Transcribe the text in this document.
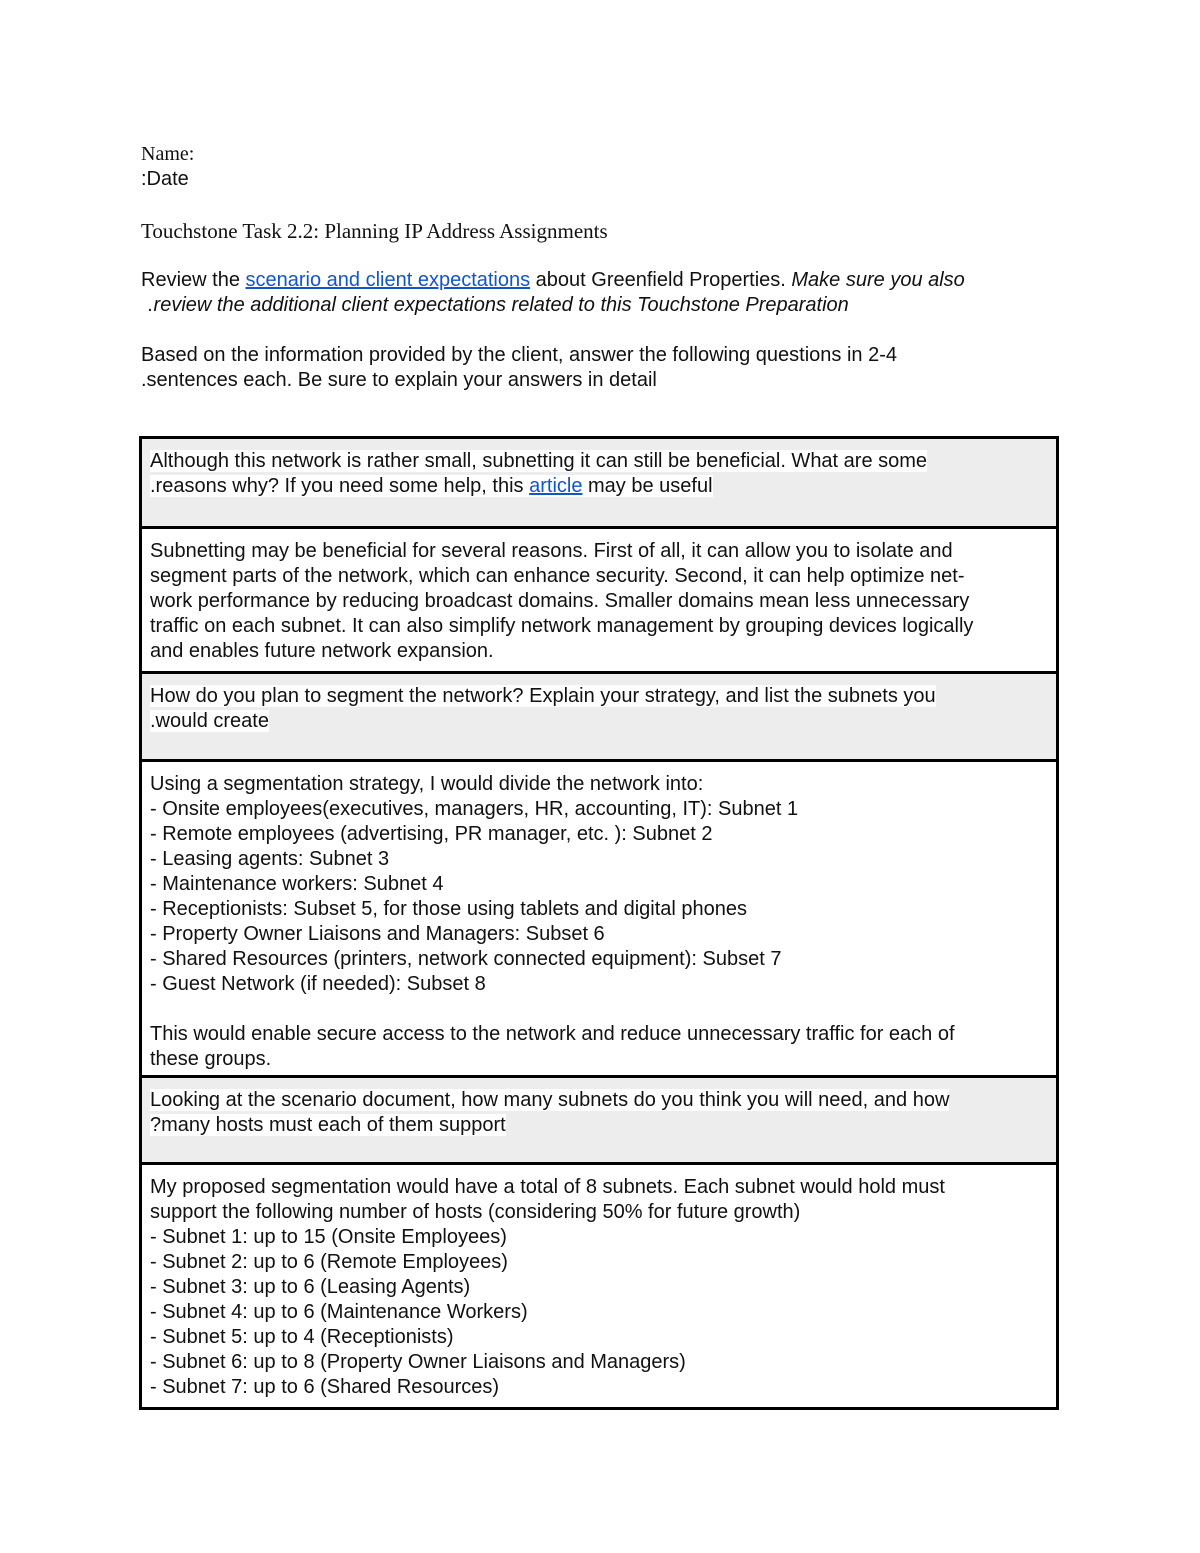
Name:
:Date
Touchstone Task 2.2: Planning IP Address Assignments
Review the scenario and client expectations about Greenfield Properties. Make sure you also
.review the additional client expectations related to this Touchstone Preparation
Based on the information provided by the client, answer the following questions in 2-4
.sentences each. Be sure to explain your answers in detail
Although this network is rather small, subnetting it can still be beneficial. What are some
.reasons why? If you need some help, this article may be useful
Subnetting may be beneficial for several reasons. First of all, it can allow you to isolate and
segment parts of the network, which can enhance security. Second, it can help optimize net-
work performance by reducing broadcast domains. Smaller domains mean less unnecessary
traffic on each subnet. It can also simplify network management by grouping devices logically
and enables future network expansion.
How do you plan to segment the network? Explain your strategy, and list the subnets you
.would create
Using a segmentation strategy, I would divide the network into:
- Onsite employees(executives, managers, HR, accounting, IT): Subnet 1
- Remote employees (advertising, PR manager, etc. ): Subnet 2
- Leasing agents: Subnet 3
- Maintenance workers: Subnet 4
- Receptionists: Subset 5, for those using tablets and digital phones
- Property Owner Liaisons and Managers: Subset 6
- Shared Resources (printers, network connected equipment): Subset 7
- Guest Network (if needed): Subset 8
This would enable secure access to the network and reduce unnecessary traffic for each of
these groups.
Looking at the scenario document, how many subnets do you think you will need, and how
?many hosts must each of them support
My proposed segmentation would have a total of 8 subnets. Each subnet would hold must
support the following number of hosts (considering 50% for future growth)
- Subnet 1: up to 15 (Onsite Employees)
- Subnet 2: up to 6 (Remote Employees)
- Subnet 3: up to 6 (Leasing Agents)
- Subnet 4: up to 6 (Maintenance Workers)
- Subnet 5: up to 4 (Receptionists)
- Subnet 6: up to 8 (Property Owner Liaisons and Managers)
- Subnet 7: up to 6 (Shared Resources)
